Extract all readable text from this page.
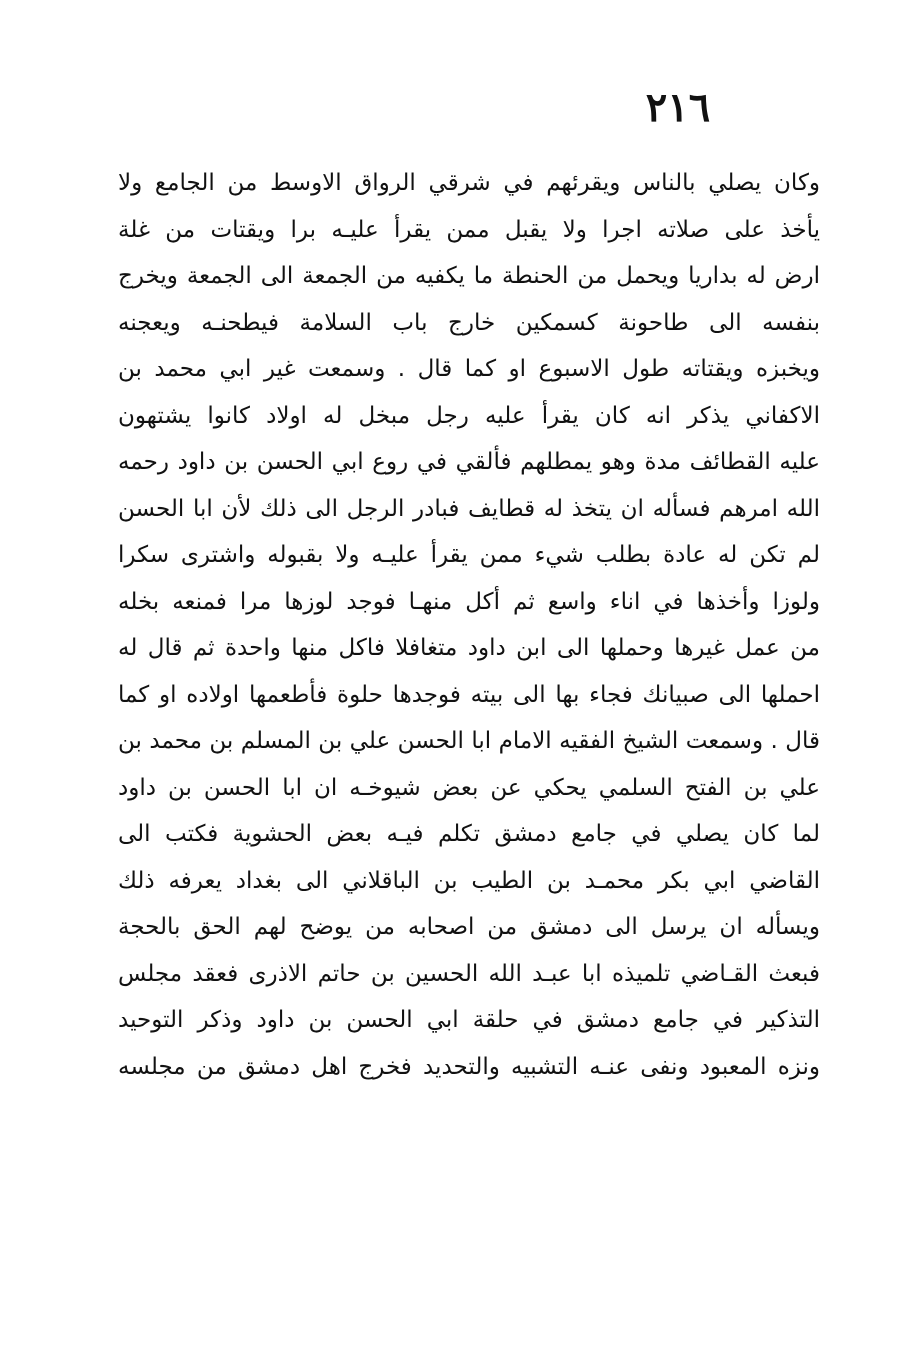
٢١٦
وكان يصلي بالناس ويقرئهم في شرقي الرواق الاوسط من الجامع ولا
يأخذ على صلاته اجرا ولا يقبل ممن يقرأ عليـه برا ويقتات من غلة
ارض له بداريا ويحمل من الحنطة ما يكفيه من الجمعة الى الجمعة ويخرج
بنفسه الى طاحونة كسمكين خارج باب السلامة فيطحنـه ويعجنه
ويخبزه ويقتاته طول الاسبوع او كما قال . وسمعت غير ابي محمد بن
الاكفاني يذكر انه كان يقرأ عليه رجل مبخل له اولاد كانوا يشتهون
عليه القطائف مدة وهو يمطلهم فألقي في روع ابي الحسن بن داود رحمه
الله امرهم فسأله ان يتخذ له قطايف فبادر الرجل الى ذلك لأن ابا الحسن
لم تكن له عادة بطلب شيء ممن يقرأ عليـه ولا بقبوله واشترى سكرا
ولوزا وأخذها في اناء واسع ثم أكل منهـا فوجد لوزها مرا فمنعه بخله
من عمل غيرها وحملها الى ابن داود متغافلا فاكل منها واحدة ثم قال له
احملها الى صبيانك فجاء بها الى بيته فوجدها حلوة فأطعمها اولاده او كما
قال . وسمعت الشيخ الفقيه الامام ابا الحسن علي بن المسلم بن محمد بن
علي بن الفتح السلمي يحكي عن بعض شيوخـه ان ابا الحسن بن داود
لما كان يصلي في جامع دمشق تكلم فيـه بعض الحشوية فكتب الى
القاضي ابي بكر محمـد بن الطيب بن الباقلاني الى بغداد يعرفه ذلك
ويسأله ان يرسل الى دمشق من اصحابه من يوضح لهم الحق بالحجة
فبعث القـاضي تلميذه ابا عبـد الله الحسين بن حاتم الاذرى فعقد مجلس
التذكير في جامع دمشق في حلقة ابي الحسن بن داود وذكر التوحيد
ونزه المعبود ونفى عنـه التشبيه والتحديد فخرج اهل دمشق من مجلسه
